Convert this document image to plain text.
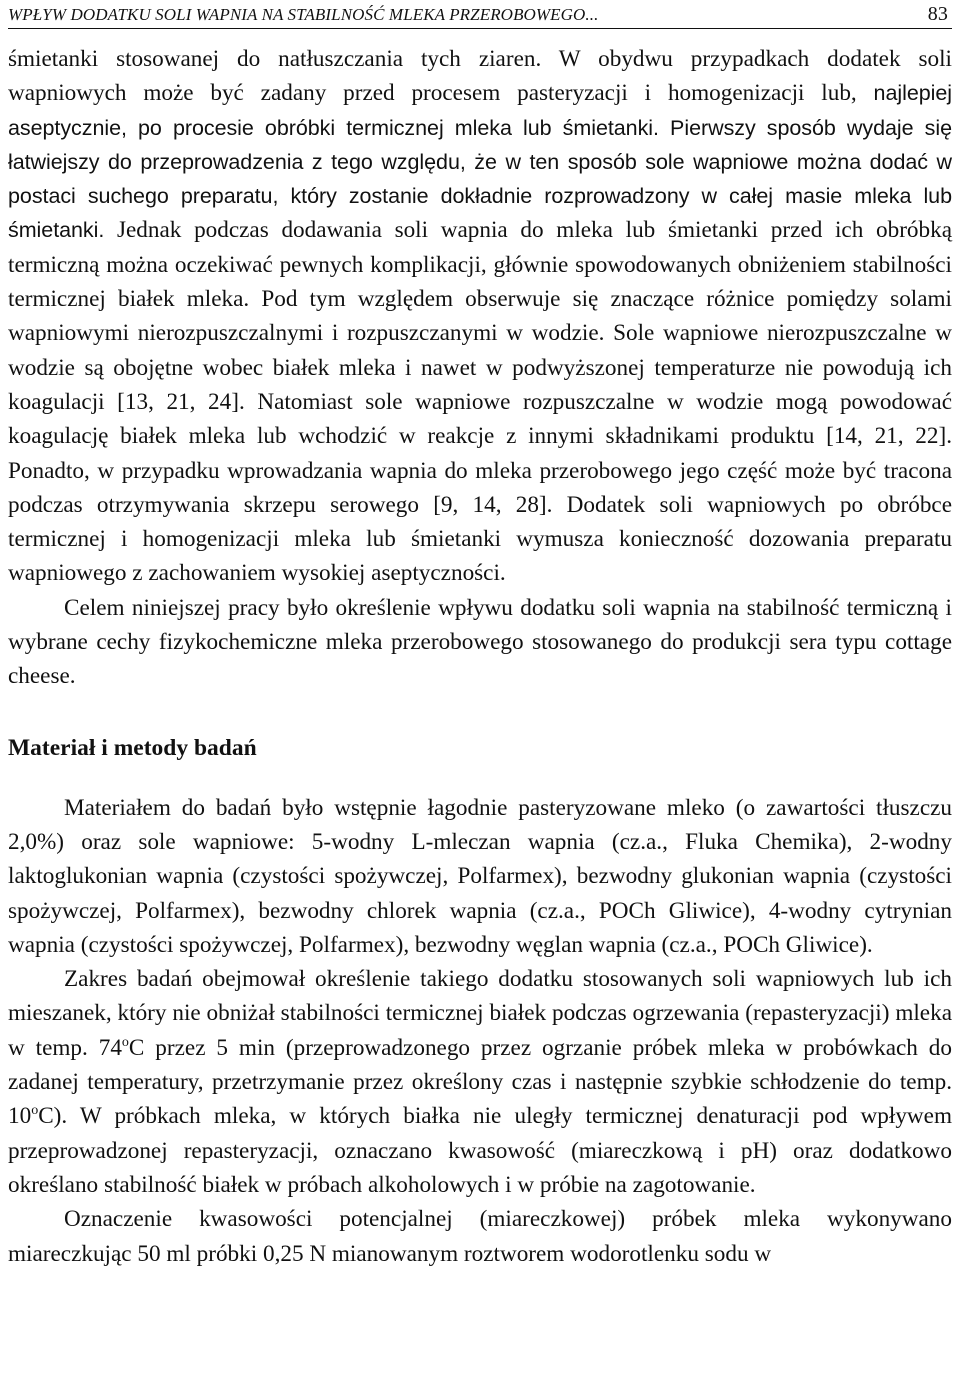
WPŁYW DODATKU SOLI WAPNIA NA STABILNOŚĆ MLEKA PRZEROBOWEGO...	83

śmietanki stosowanej do natłuszczania tych ziaren. W obydwu przypadkach dodatek soli wapniowych może być zadany przed procesem pasteryzacji i homogenizacji lub, najlepiej aseptycznie, po procesie obróbki termicznej mleka lub śmietanki. Pierwszy sposób wydaje się łatwiejszy do przeprowadzenia z tego względu, że w ten sposób sole wapniowe można dodać w postaci suchego preparatu, który zostanie dokładnie rozprowadzony w całej masie mleka lub śmietanki. Jednak podczas dodawania soli wapnia do mleka lub śmietanki przed ich obróbką termiczną można oczekiwać pewnych komplikacji, głównie spowodowanych obniżeniem stabilności termicznej białek mleka. Pod tym względem obserwuje się znaczące różnice pomiędzy solami wapniowymi nierozpuszczalnymi i rozpuszczanymi w wodzie. Sole wapniowe nierozpuszczalne w wodzie są obojętne wobec białek mleka i nawet w podwyższonej temperaturze nie powodują ich koagulacji [13, 21, 24]. Natomiast sole wapniowe rozpuszczalne w wodzie mogą powodować koagulację białek mleka lub wchodzić w reakcje z innymi składnikami produktu [14, 21, 22]. Ponadto, w przypadku wprowadzania wapnia do mleka przerobowego jego część może być tracona podczas otrzymywania skrzepu serowego [9, 14, 28]. Dodatek soli wapniowych po obróbce termicznej i homogenizacji mleka lub śmietanki wymusza konieczność dozowania preparatu wapniowego z zachowaniem wysokiej aseptyczności.

Celem niniejszej pracy było określenie wpływu dodatku soli wapnia na stabilność termiczną i wybrane cechy fizykochemiczne mleka przerobowego stosowanego do produkcji sera typu cottage cheese.

Materiał i metody badań

Materiałem do badań było wstępnie łagodnie pasteryzowane mleko (o zawartości tłuszczu 2,0%) oraz sole wapniowe: 5-wodny L-mleczan wapnia (cz.a., Fluka Chemika), 2-wodny laktoglukonian wapnia (czystości spożywczej, Polfarmex), bezwodny glukonian wapnia (czystości spożywczej, Polfarmex), bezwodny chlorek wapnia (cz.a., POCh Gliwice), 4-wodny cytrynian wapnia (czystości spożywczej, Polfarmex), bezwodny węglan wapnia (cz.a., POCh Gliwice).

Zakres badań obejmował określenie takiego dodatku stosowanych soli wapniowych lub ich mieszanek, który nie obniżał stabilności termicznej białek podczas ogrzewania (repasteryzacji) mleka w temp. 74$^o$C przez 5 min (przeprowadzonego przez ogrzanie próbek mleka w probówkach do zadanej temperatury, przetrzymanie przez określony czas i następnie szybkie schłodzenie do temp. 10$^o$C). W próbkach mleka, w których białka nie uległy termicznej denaturacji pod wpływem przeprowadzonej repasteryzacji, oznaczano kwasowość (miareczkową i pH) oraz dodatkowo określano stabilność białek w próbach alkoholowych i w próbie na zagotowanie.

Oznaczenie kwasowości potencjalnej (miareczkowej) próbek mleka wykonywano miareczkując 50 ml próbki 0,25 N mianowanym roztworem wodorotlenku sodu w
